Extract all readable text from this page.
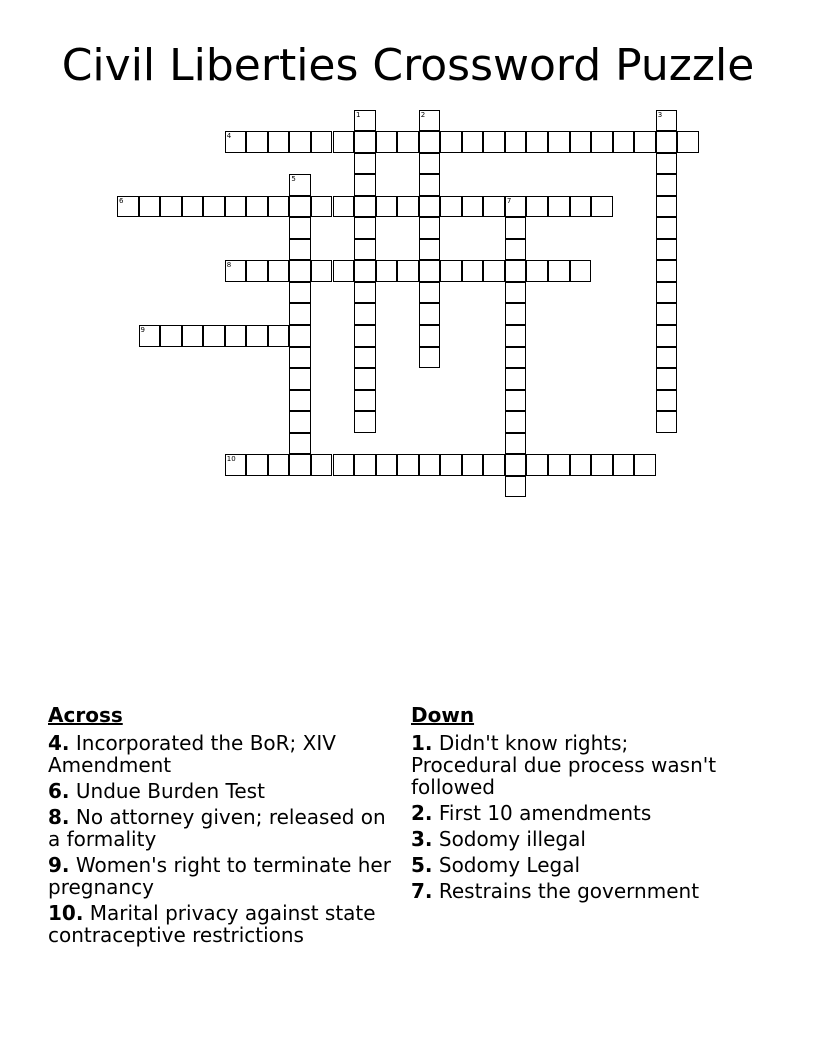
Civil Liberties Crossword Puzzle
1	2	3
4
5
6	7
8
9
10
Across
4. Incorporated the BoR; XIV Amendment
6. Undue Burden Test
8. No attorney given; released on a formality
9. Women's right to terminate her pregnancy
10. Marital privacy against state contraceptive restrictions
Down
1. Didn't know rights; Procedural due process wasn't followed
2. First 10 amendments
3. Sodomy illegal
5. Sodomy Legal
7. Restrains the government
